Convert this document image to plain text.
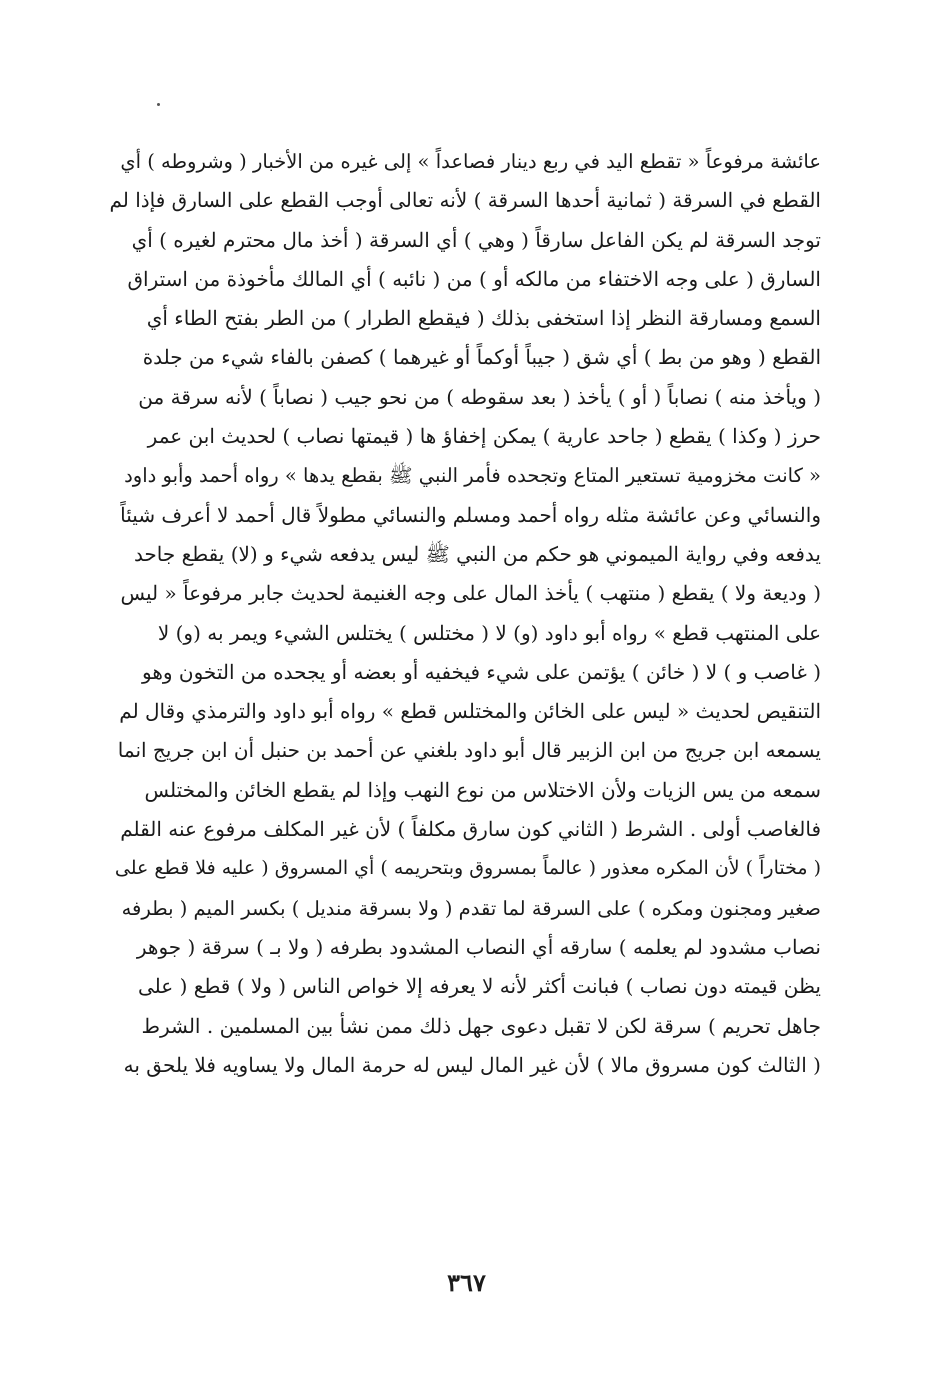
عائشة مرفوعاً « تقطع اليد في ربع دينار فصاعداً » إلى غيره من الأخبار ( وشروطه ) أي
القطع في السرقة ( ثمانية أحدها السرقة ) لأنه تعالى أوجب القطع على السارق فإذا لم
توجد السرقة لم يكن الفاعل سارقاً ( وهي ) أي السرقة ( أخذ مال محترم لغيره ) أي
السارق ( على وجه الاختفاء من مالكه أو ) من ( نائبه ) أي المالك مأخوذة من استراق
السمع ومسارقة النظر إذا استخفى بذلك ( فيقطع الطرار ) من الطر بفتح الطاء أي
القطع ( وهو من بط ) أي شق ( جيباً أوكماً أو غيرهما ) كصفن بالفاء شيء من جلدة
( ويأخذ منه ) نصاباً ( أو ) يأخذ ( بعد سقوطه ) من نحو جيب ( نصاباً ) لأنه سرقة من
حرز ( وكذا ) يقطع ( جاحد عارية ) يمكن إخفاؤ ها ( قيمتها نصاب ) لحديث ابن عمر
« كانت مخزومية تستعير المتاع وتجحده فأمر النبي ﷺ بقطع يدها » رواه أحمد وأبو داود
والنسائي وعن عائشة مثله رواه أحمد ومسلم والنسائي مطولاً قال أحمد لا أعرف شيئاً
يدفعه وفي رواية الميموني هو حكم من النبي ﷺ ليس يدفعه شيء و (لا) يقطع جاحد
( وديعة ولا ) يقطع ( منتهب ) يأخذ المال على وجه الغنيمة لحديث جابر مرفوعاً « ليس
على المنتهب قطع » رواه أبو داود (و) لا ( مختلس ) يختلس الشيء ويمر به (و) لا
( غاصب و ) لا ( خائن ) يؤتمن على شيء فيخفيه أو بعضه أو يجحده من التخون وهو
التنقيص لحديث « ليس على الخائن والمختلس قطع » رواه أبو داود والترمذي وقال لم
يسمعه ابن جريج من ابن الزبير قال أبو داود بلغني عن أحمد بن حنبل أن ابن جريج انما
سمعه من يس الزيات ولأن الاختلاس من نوع النهب وإذا لم يقطع الخائن والمختلس
فالغاصب أولى . الشرط ( الثاني كون سارق مكلفاً ) لأن غير المكلف مرفوع عنه القلم
( مختاراً ) لأن المكره معذور ( عالماً بمسروق وبتحريمه ) أي المسروق ( عليه فلا قطع على
صغير ومجنون ومكره ) على السرقة لما تقدم ( ولا بسرقة منديل ) بكسر الميم ( بطرفه
نصاب مشدود لم يعلمه ) سارقه أي النصاب المشدود بطرفه ( ولا بـ ) سرقة ( جوهر
يظن قيمته دون نصاب ) فبانت أكثر لأنه لا يعرفه إلا خواص الناس ( ولا ) قطع ( على
جاهل تحريم ) سرقة لكن لا تقبل دعوى جهل ذلك ممن نشأ بين المسلمين . الشرط
( الثالث كون مسروق مالا ) لأن غير المال ليس له حرمة المال ولا يساويه فلا يلحق به
٣٦٧
